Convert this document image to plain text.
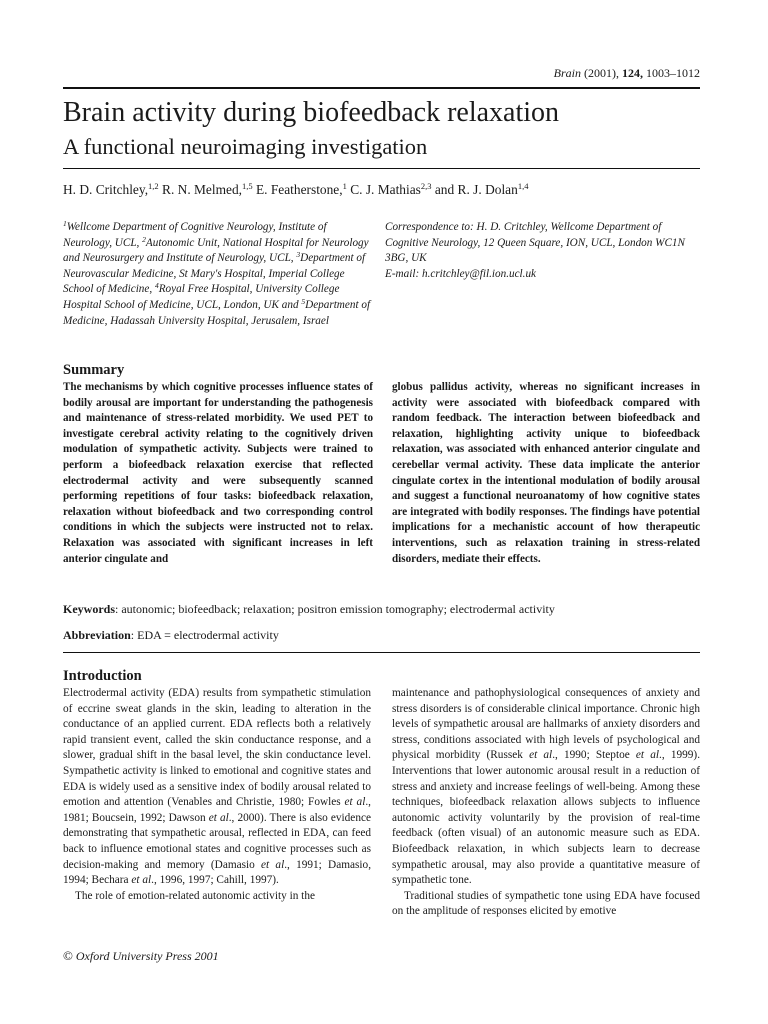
Brain (2001), 124, 1003–1012
Brain activity during biofeedback relaxation
A functional neuroimaging investigation
H. D. Critchley,$^{1,2}$ R. N. Melmed,$^{1,5}$ E. Featherstone,$^1$ C. J. Mathias$^{2,3}$ and R. J. Dolan$^{1,4}$
$^1$Wellcome Department of Cognitive Neurology, Institute of Neurology, UCL, $^2$Autonomic Unit, National Hospital for Neurology and Neurosurgery and Institute of Neurology, UCL, $^3$Department of Neurovascular Medicine, St Mary's Hospital, Imperial College School of Medicine, $^4$Royal Free Hospital, University College Hospital School of Medicine, UCL, London, UK and $^5$Department of Medicine, Hadassah University Hospital, Jerusalem, Israel
Correspondence to: H. D. Critchley, Wellcome Department of Cognitive Neurology, 12 Queen Square, ION, UCL, London WC1N 3BG, UK
E-mail: h.critchley@fil.ion.ucl.uk
Summary
The mechanisms by which cognitive processes influence states of bodily arousal are important for understanding the pathogenesis and maintenance of stress-related morbidity. We used PET to investigate cerebral activity relating to the cognitively driven modulation of sympathetic activity. Subjects were trained to perform a biofeedback relaxation exercise that reflected electrodermal activity and were subsequently scanned performing repetitions of four tasks: biofeedback relaxation, relaxation without biofeedback and two corresponding control conditions in which the subjects were instructed not to relax. Relaxation was associated with significant increases in left anterior cingulate and
globus pallidus activity, whereas no significant increases in activity were associated with biofeedback compared with random feedback. The interaction between biofeedback and relaxation, highlighting activity unique to biofeedback relaxation, was associated with enhanced anterior cingulate and cerebellar vermal activity. These data implicate the anterior cingulate cortex in the intentional modulation of bodily arousal and suggest a functional neuroanatomy of how cognitive states are integrated with bodily responses. The findings have potential implications for a mechanistic account of how therapeutic interventions, such as relaxation training in stress-related disorders, mediate their effects.
Keywords: autonomic; biofeedback; relaxation; positron emission tomography; electrodermal activity
Abbreviation: EDA = electrodermal activity
Introduction

Electrodermal activity (EDA) results from sympathetic stimulation of eccrine sweat glands in the skin, leading to alteration in the conductance of an applied current. EDA reflects both a relatively rapid transient event, called the skin conductance response, and a slower, gradual shift in the basal level, the skin conductance level. Sympathetic activity is linked to emotional and cognitive states and EDA is widely used as a sensitive index of bodily arousal related to emotion and attention (Venables and Christie, 1980; Fowles et al., 1981; Boucsein, 1992; Dawson et al., 2000). There is also evidence demonstrating that sympathetic arousal, reflected in EDA, can feed back to influence emotional states and cognitive processes such as decision-making and memory (Damasio et al., 1991; Damasio, 1994; Bechara et al., 1996, 1997; Cahill, 1997).

The role of emotion-related autonomic activity in the

maintenance and pathophysiological consequences of anxiety and stress disorders is of considerable clinical importance. Chronic high levels of sympathetic arousal are hallmarks of anxiety disorders and stress, conditions associated with high levels of psychological and physical morbidity (Russek et al., 1990; Steptoe et al., 1999). Interventions that lower autonomic arousal result in a reduction of stress and anxiety and increase feelings of well-being. Among these techniques, biofeedback relaxation allows subjects to influence autonomic activity voluntarily by the provision of real-time feedback (often visual) of an autonomic measure such as EDA. Biofeedback relaxation, in which subjects learn to decrease sympathetic arousal, may also provide a quantitative measure of sympathetic tone.

Traditional studies of sympathetic tone using EDA have focused on the amplitude of responses elicited by emotive

© Oxford University Press 2001
